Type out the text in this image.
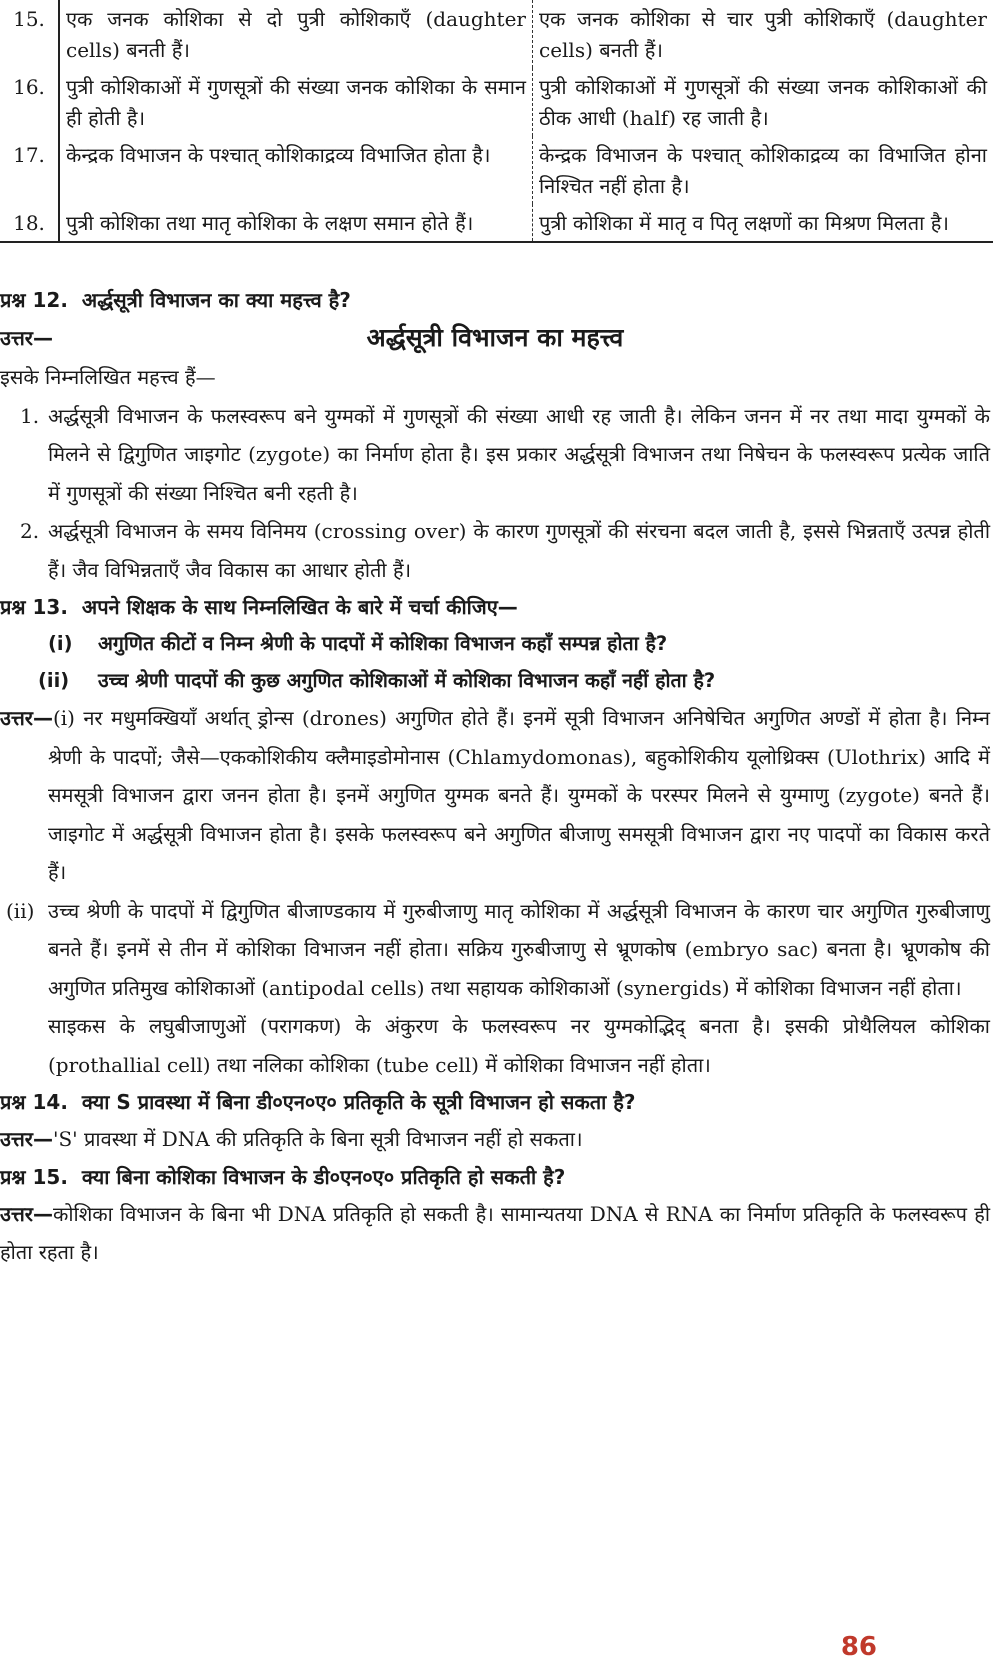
15.	एक जनक कोशिका से दो पुत्री कोशिकाएँ (daughter cells) बनती हैं।	एक जनक कोशिका से चार पुत्री कोशिकाएँ (daughter cells) बनती हैं।
16.	पुत्री कोशिकाओं में गुणसूत्रों की संख्या जनक कोशिका के समान ही होती है।	पुत्री कोशिकाओं में गुणसूत्रों की संख्या जनक कोशिकाओं की ठीक आधी (half) रह जाती है।
17.	केन्द्रक विभाजन के पश्चात् कोशिकाद्रव्य विभाजित होता है।	केन्द्रक विभाजन के पश्चात् कोशिकाद्रव्य का विभाजित होना निश्चित नहीं होता है।
18.	पुत्री कोशिका तथा मातृ कोशिका के लक्षण समान होते हैं।	पुत्री कोशिका में मातृ व पितृ लक्षणों का मिश्रण मिलता है।

प्रश्न 12. अर्द्धसूत्री विभाजन का क्या महत्त्व है?

उत्तर—	अर्द्धसूत्री विभाजन का महत्त्व

इसके निम्नलिखित महत्त्व हैं—

1. अर्द्धसूत्री विभाजन के फलस्वरूप बने युग्मकों में गुणसूत्रों की संख्या आधी रह जाती है। लेकिन जनन में नर तथा मादा युग्मकों के मिलने से द्विगुणित जाइगोट (zygote) का निर्माण होता है। इस प्रकार अर्द्धसूत्री विभाजन तथा निषेचन के फलस्वरूप प्रत्येक जाति में गुणसूत्रों की संख्या निश्चित बनी रहती है।

2. अर्द्धसूत्री विभाजन के समय विनिमय (crossing over) के कारण गुणसूत्रों की संरचना बदल जाती है, इससे भिन्नताएँ उत्पन्न होती हैं। जैव विभिन्नताएँ जैव विकास का आधार होती हैं।

प्रश्न 13. अपने शिक्षक के साथ निम्नलिखित के बारे में चर्चा कीजिए—

(i) अगुणित कीटों व निम्न श्रेणी के पादपों में कोशिका विभाजन कहाँ सम्पन्न होता है?

(ii) उच्च श्रेणी पादपों की कुछ अगुणित कोशिकाओं में कोशिका विभाजन कहाँ नहीं होता है?

उत्तर—(i) नर मधुमक्खियाँ अर्थात् ड्रोन्स (drones) अगुणित होते हैं। इनमें सूत्री विभाजन अनिषेचित अगुणित अण्डों में होता है। निम्न श्रेणी के पादपों; जैसे—एककोशिकीय क्लैमाइडोमोनास (Chlamydomonas), बहुकोशिकीय यूलोथ्रिक्स (Ulothrix) आदि में समसूत्री विभाजन द्वारा जनन होता है। इनमें अगुणित युग्मक बनते हैं। युग्मकों के परस्पर मिलने से युग्माणु (zygote) बनते हैं। जाइगोट में अर्द्धसूत्री विभाजन होता है। इसके फलस्वरूप बने अगुणित बीजाणु समसूत्री विभाजन द्वारा नए पादपों का विकास करते हैं।

(ii) उच्च श्रेणी के पादपों में द्विगुणित बीजाण्डकाय में गुरुबीजाणु मातृ कोशिका में अर्द्धसूत्री विभाजन के कारण चार अगुणित गुरुबीजाणु बनते हैं। इनमें से तीन में कोशिका विभाजन नहीं होता। सक्रिय गुरुबीजाणु से भ्रूणकोष (embryo sac) बनता है। भ्रूणकोष की अगुणित प्रतिमुख कोशिकाओं (antipodal cells) तथा सहायक कोशिकाओं (synergids) में कोशिका विभाजन नहीं होता।

साइकस के लघुबीजाणुओं (परागकण) के अंकुरण के फलस्वरूप नर युग्मकोद्भिद् बनता है। इसकी प्रोथैलियल कोशिका (prothallial cell) तथा नलिका कोशिका (tube cell) में कोशिका विभाजन नहीं होता।

प्रश्न 14. क्या S प्रावस्था में बिना डी०एन०ए० प्रतिकृति के सूत्री विभाजन हो सकता है?

उत्तर—'S' प्रावस्था में DNA की प्रतिकृति के बिना सूत्री विभाजन नहीं हो सकता।

प्रश्न 15. क्या बिना कोशिका विभाजन के डी०एन०ए० प्रतिकृति हो सकती है?

उत्तर—कोशिका विभाजन के बिना भी DNA प्रतिकृति हो सकती है। सामान्यतया DNA से RNA का निर्माण प्रतिकृति के फलस्वरूप ही होता रहता है।

86
